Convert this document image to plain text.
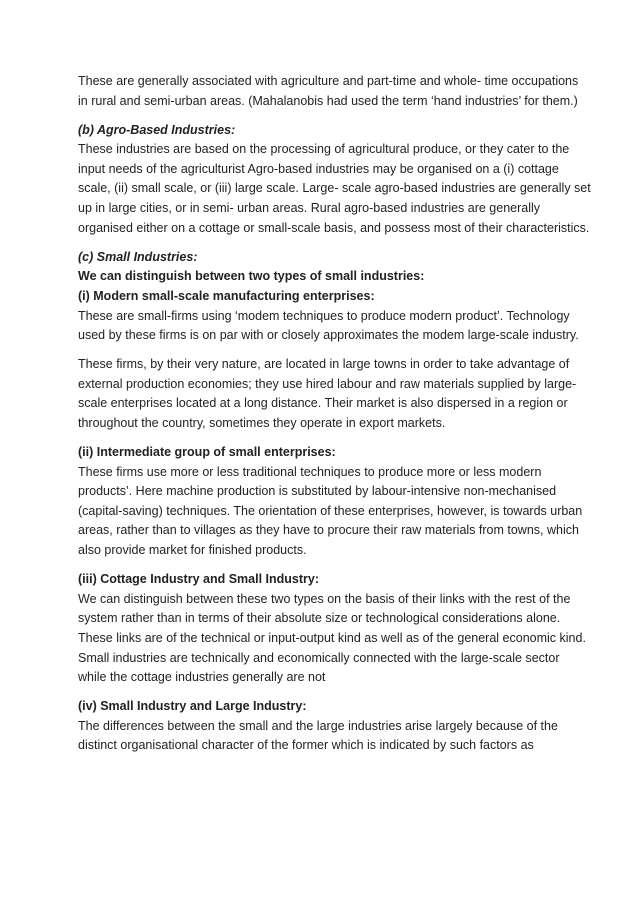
These are generally associated with agriculture and part-time and whole- time occupations
in rural and semi-urban areas. (Mahalanobis had used the term ‘hand industries’ for them.)

(b) Agro-Based Industries:
These industries are based on the processing of agricultural produce, or they cater to the
input needs of the agriculturist Agro-based industries may be organised on a (i) cottage
scale, (ii) small scale, or (iii) large scale. Large- scale agro-based industries are generally set
up in large cities, or in semi- urban areas. Rural agro-based industries are generally
organised either on a cottage or small-scale basis, and possess most of their characteristics.

(c) Small Industries:
We can distinguish between two types of small industries:
(i) Modern small-scale manufacturing enterprises:
These are small-firms using ‘modem techniques to produce modern product’. Technology
used by these firms is on par with or closely approximates the modem large-scale industry.

These firms, by their very nature, are located in large towns in order to take advantage of
external production economies; they use hired labour and raw materials supplied by large-
scale enterprises located at a long distance. Their market is also dispersed in a region or
throughout the country, sometimes they operate in export markets.

(ii) Intermediate group of small enterprises:
These firms use more or less traditional techniques to produce more or less modern
products’. Here machine production is substituted by labour-intensive non-mechanised
(capital-saving) techniques. The orientation of these enterprises, however, is towards urban
areas, rather than to villages as they have to procure their raw materials from towns, which
also provide market for finished products.

(iii) Cottage Industry and Small Industry:
We can distinguish between these two types on the basis of their links with the rest of the
system rather than in terms of their absolute size or technological considerations alone.
These links are of the technical or input-output kind as well as of the general economic kind.
Small industries are technically and economically connected with the large-scale sector
while the cottage industries generally are not

(iv) Small Industry and Large Industry:
The differences between the small and the large industries arise largely because of the
distinct organisational character of the former which is indicated by such factors as
